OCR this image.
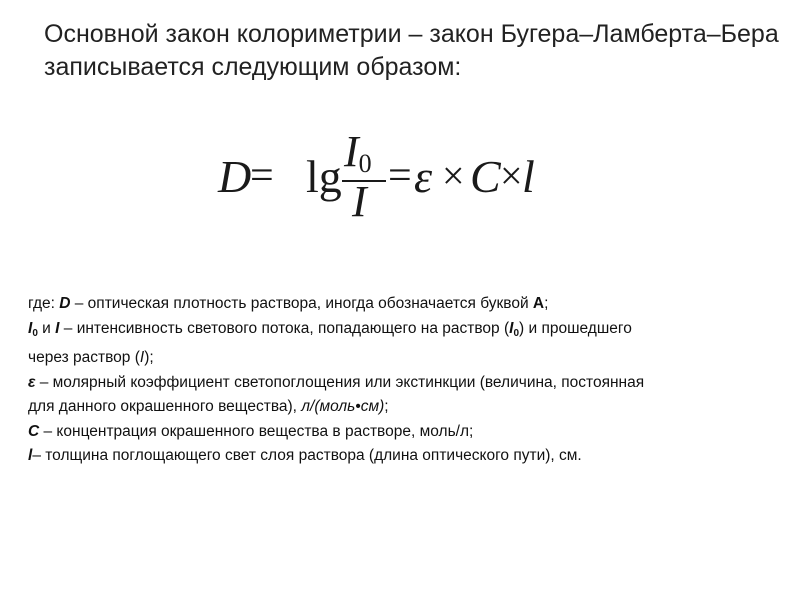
Основной закон колориметрии – закон Бугера–Ламберта–Бера
записывается следующим образом:
D
= $\lg I_0$
I
= ε × C × l
где: D – оптическая плотность раствора, иногда обозначается буквой А;
$I_0$ и I – интенсивность светового потока, попадающего на раствор $(I_0)$ и прошедшего
через раствор (I);
ε – молярный коэффициент светопоглощения или экстинкции (величина, постоянная
для данного окрашенного вещества), л/(моль•см);
С – концентрация окрашенного вещества в растворе, моль/л;
l– толщина поглощающего свет слоя раствора (длина оптического пути), см.
